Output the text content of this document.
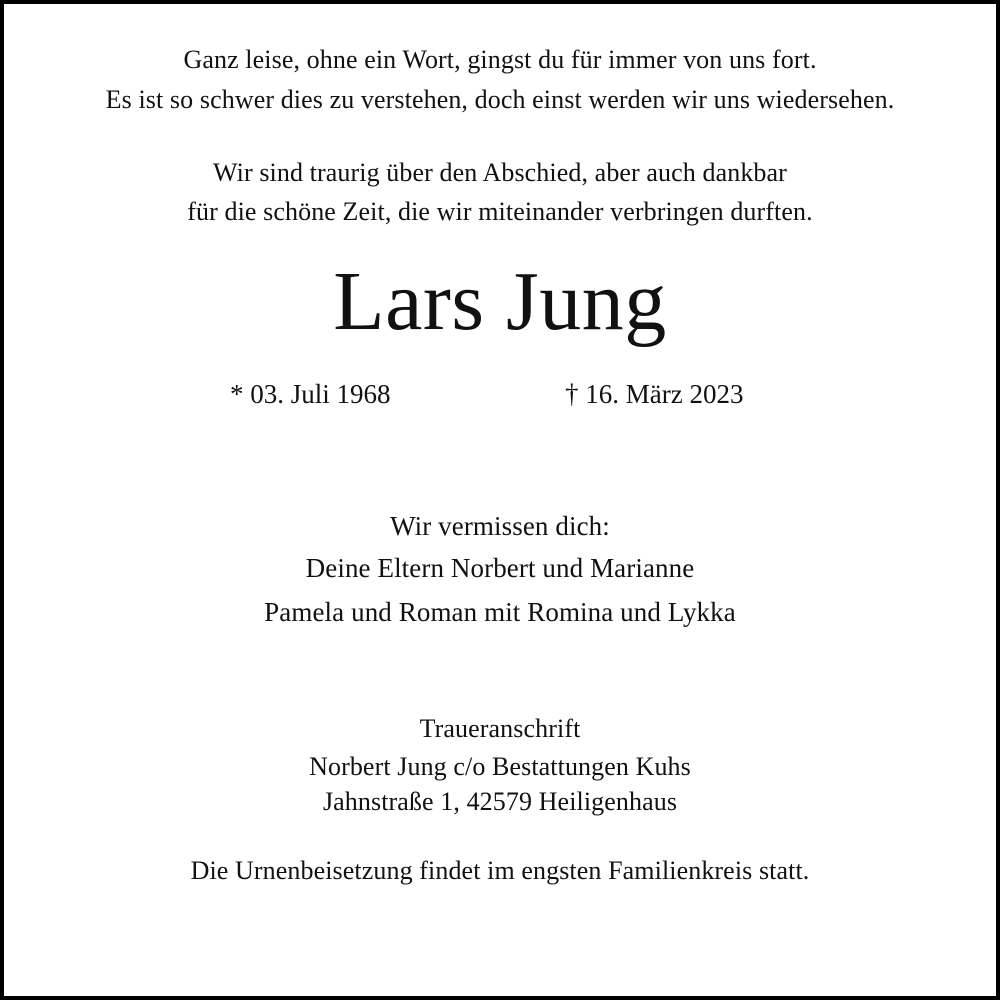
Ganz leise, ohne ein Wort, gingst du für immer von uns fort.
Es ist so schwer dies zu verstehen, doch einst werden wir uns wiedersehen.
Wir sind traurig über den Abschied, aber auch dankbar
für die schöne Zeit, die wir miteinander verbringen durften.
Lars Jung
* 03. Juli 1968	† 16. März 2023
Wir vermissen dich:
Deine Eltern Norbert und Marianne
Pamela und Roman mit Romina und Lykka
Traueranschrift
Norbert Jung c/o Bestattungen Kuhs
Jahnstraße 1, 42579 Heiligenhaus
Die Urnenbeisetzung findet im engsten Familienkreis statt.
